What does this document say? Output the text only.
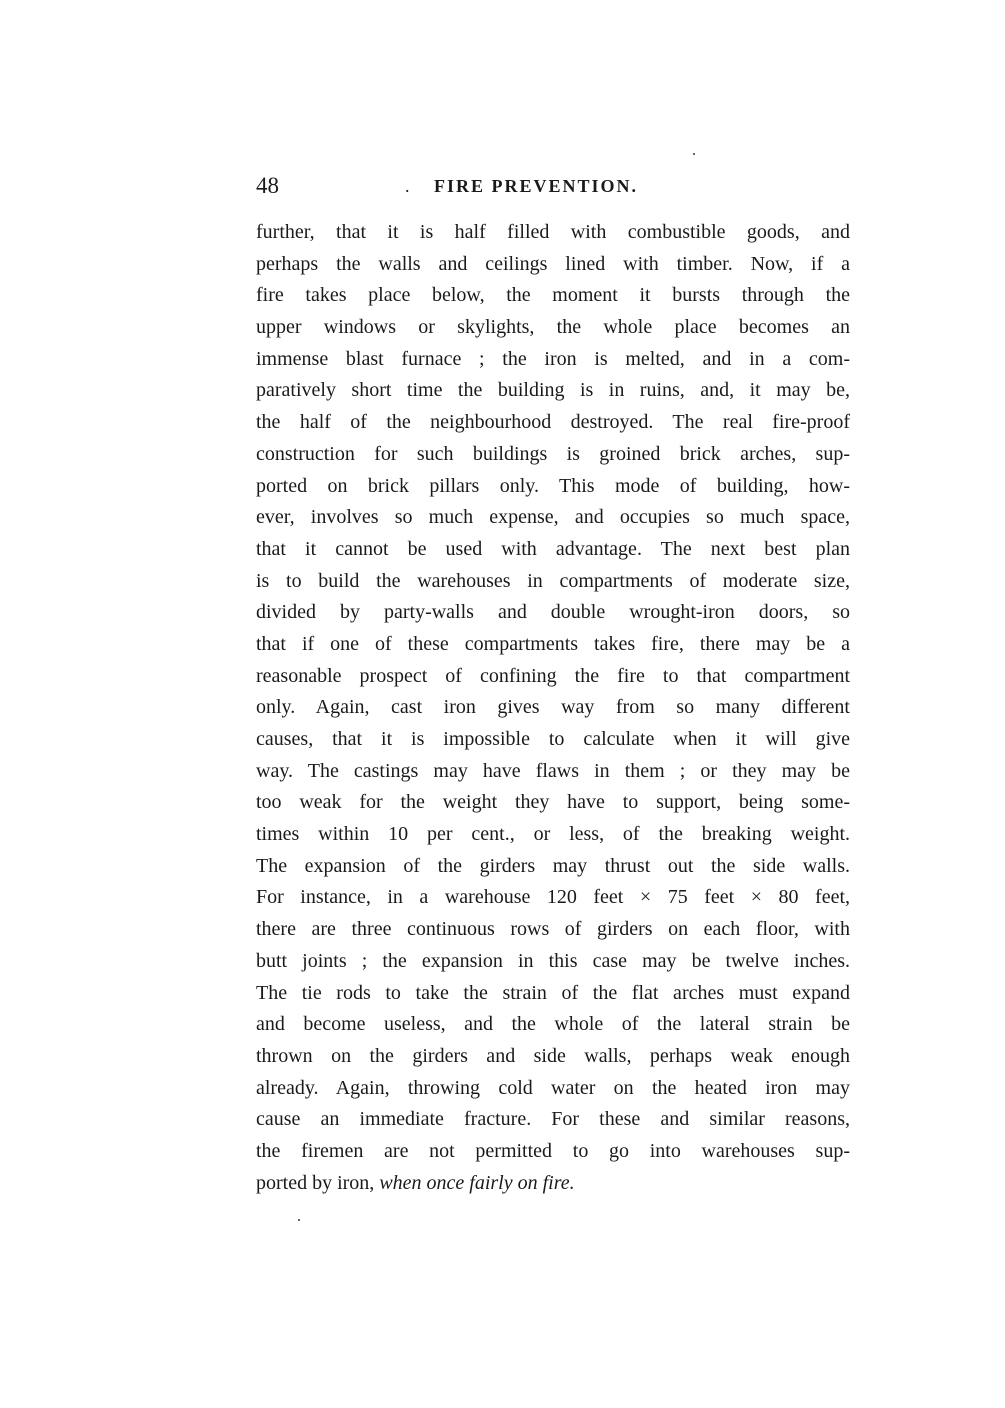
48	. FIRE PREVENTION.
further, that it is half filled with combustible goods, and
perhaps the walls and ceilings lined with timber. Now, if a
fire takes place below, the moment it bursts through the
upper windows or skylights, the whole place becomes an
immense blast furnace ; the iron is melted, and in a com-
paratively short time the building is in ruins, and, it may be,
the half of the neighbourhood destroyed. The real fire-proof
construction for such buildings is groined brick arches, sup-
ported on brick pillars only. This mode of building, how-
ever, involves so much expense, and occupies so much space,
that it cannot be used with advantage. The next best plan
is to build the warehouses in compartments of moderate size,
divided by party-walls and double wrought-iron doors, so
that if one of these compartments takes fire, there may be a
reasonable prospect of confining the fire to that compartment
only. Again, cast iron gives way from so many different
causes, that it is impossible to calculate when it will give
way. The castings may have flaws in them ; or they may be
too weak for the weight they have to support, being some-
times within 10 per cent., or less, of the breaking weight.
The expansion of the girders may thrust out the side walls.
For instance, in a warehouse 120 feet × 75 feet × 80 feet,
there are three continuous rows of girders on each floor, with
butt joints ; the expansion in this case may be twelve inches.
The tie rods to take the strain of the flat arches must expand
and become useless, and the whole of the lateral strain be
thrown on the girders and side walls, perhaps weak enough
already. Again, throwing cold water on the heated iron may
cause an immediate fracture. For these and similar reasons,
the firemen are not permitted to go into warehouses sup-
ported by iron, when once fairly on fire.
